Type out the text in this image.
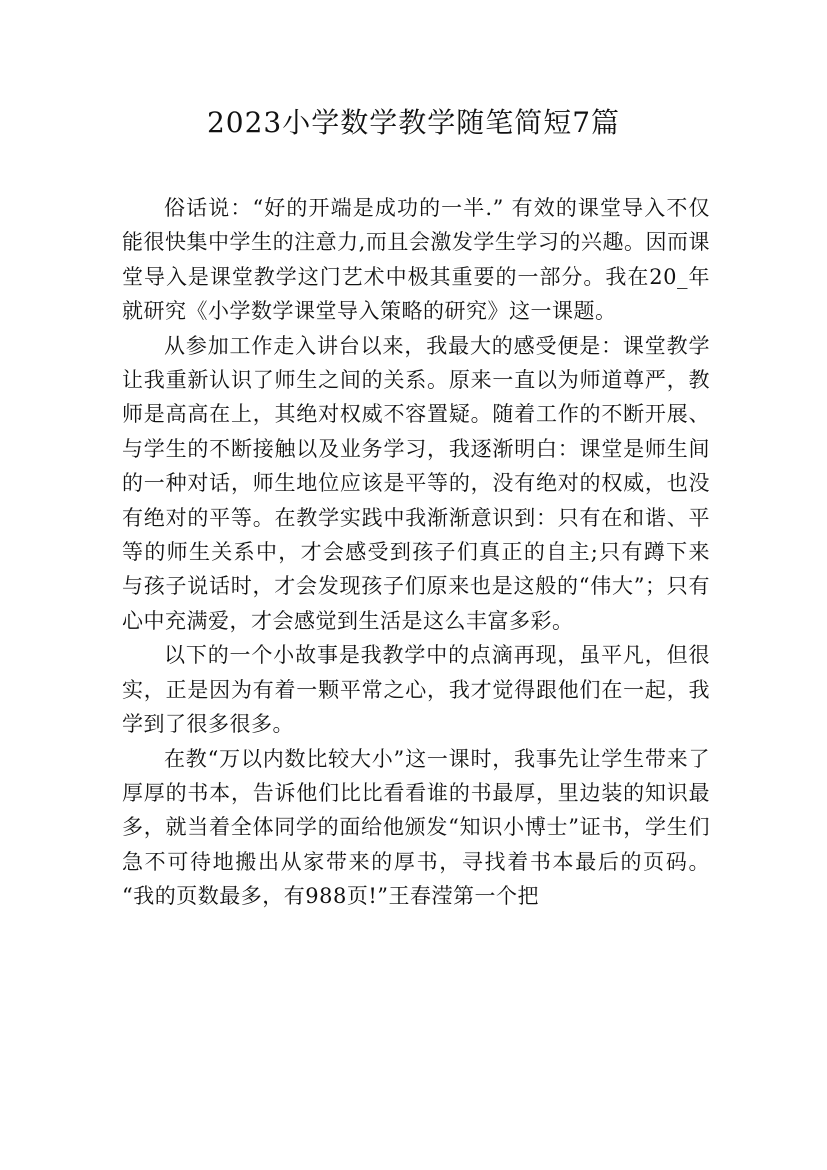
2023小学数学教学随笔简短7篇

俗话说：“好的开端是成功的一半.” 有效的课堂导入不仅能很快集中学生的注意力,而且会激发学生学习的兴趣。因而课堂导入是课堂教学这门艺术中极其重要的一部分。我在20_年就研究《小学数学课堂导入策略的研究》这一课题。

从参加工作走入讲台以来，我最大的感受便是：课堂教学让我重新认识了师生之间的关系。原来一直以为师道尊严，教师是高高在上，其绝对权威不容置疑。随着工作的不断开展、与学生的不断接触以及业务学习，我逐渐明白：课堂是师生间的一种对话，师生地位应该是平等的，没有绝对的权威，也没有绝对的平等。在教学实践中我渐渐意识到：只有在和谐、平等的师生关系中，才会感受到孩子们真正的自主;只有蹲下来与孩子说话时，才会发现孩子们原来也是这般的“伟大”；只有心中充满爱，才会感觉到生活是这么丰富多彩。

以下的一个小故事是我教学中的点滴再现，虽平凡，但很实，正是因为有着一颗平常之心，我才觉得跟他们在一起，我学到了很多很多。

在教“万以内数比较大小”这一课时，我事先让学生带来了厚厚的书本，告诉他们比比看看谁的书最厚，里边装的知识最多，就当着全体同学的面给他颁发“知识小博士”证书，学生们急不可待地搬出从家带来的厚书，寻找着书本最后的页码。 “我的页数最多，有988页!”王春滢第一个把
